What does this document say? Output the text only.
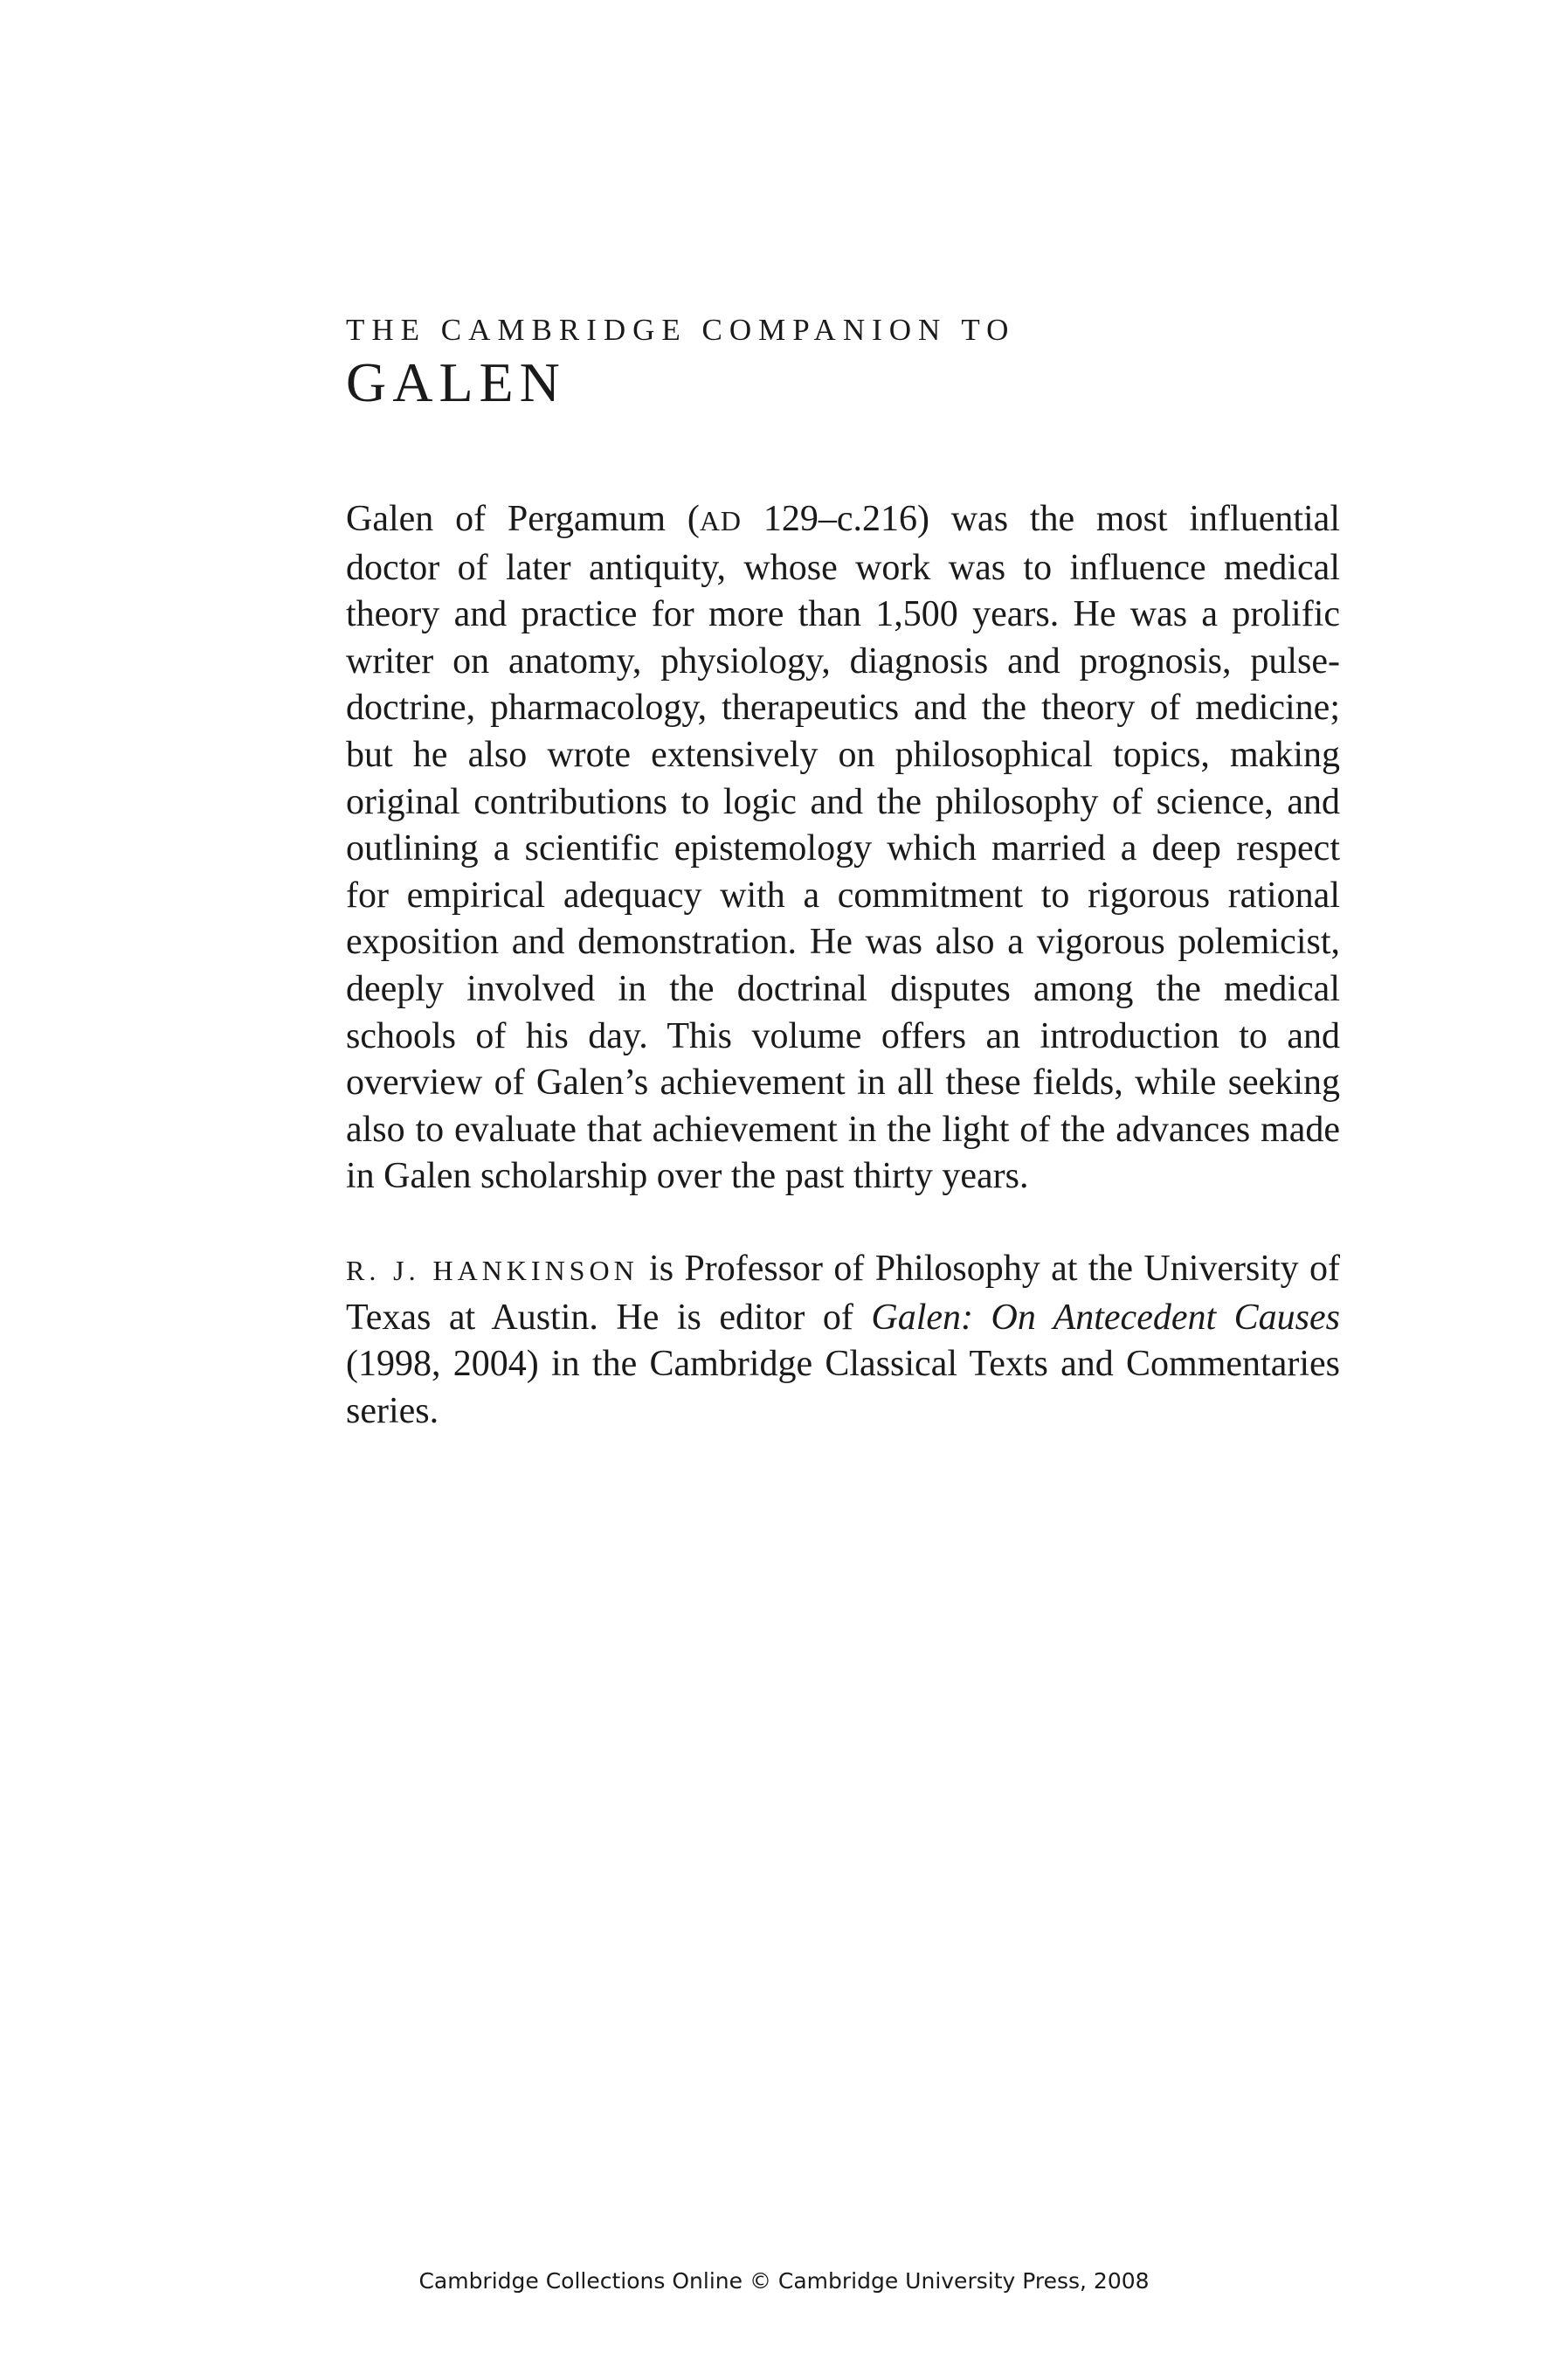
THE CAMBRIDGE COMPANION TO

GALEN

Galen of Pergamum (AD 129–c.216) was the most influential doctor of later antiquity, whose work was to influence medical theory and practice for more than 1,500 years. He was a prolific writer on anatomy, physiology, diagnosis and prognosis, pulse-doctrine, pharmacology, therapeutics and the theory of medicine; but he also wrote extensively on philosophical topics, making original contributions to logic and the philosophy of science, and outlining a scientific epistemology which married a deep respect for empirical adequacy with a commitment to rigorous rational exposition and demonstration. He was also a vigorous polemicist, deeply involved in the doctrinal disputes among the medical schools of his day. This volume offers an introduction to and overview of Galen’s achievement in all these fields, while seeking also to evaluate that achievement in the light of the advances made in Galen scholarship over the past thirty years.

R. J. HANKINSON is Professor of Philosophy at the University of Texas at Austin. He is editor of Galen: On Antecedent Causes (1998, 2004) in the Cambridge Classical Texts and Commentaries series.

Cambridge Collections Online © Cambridge University Press, 2008
